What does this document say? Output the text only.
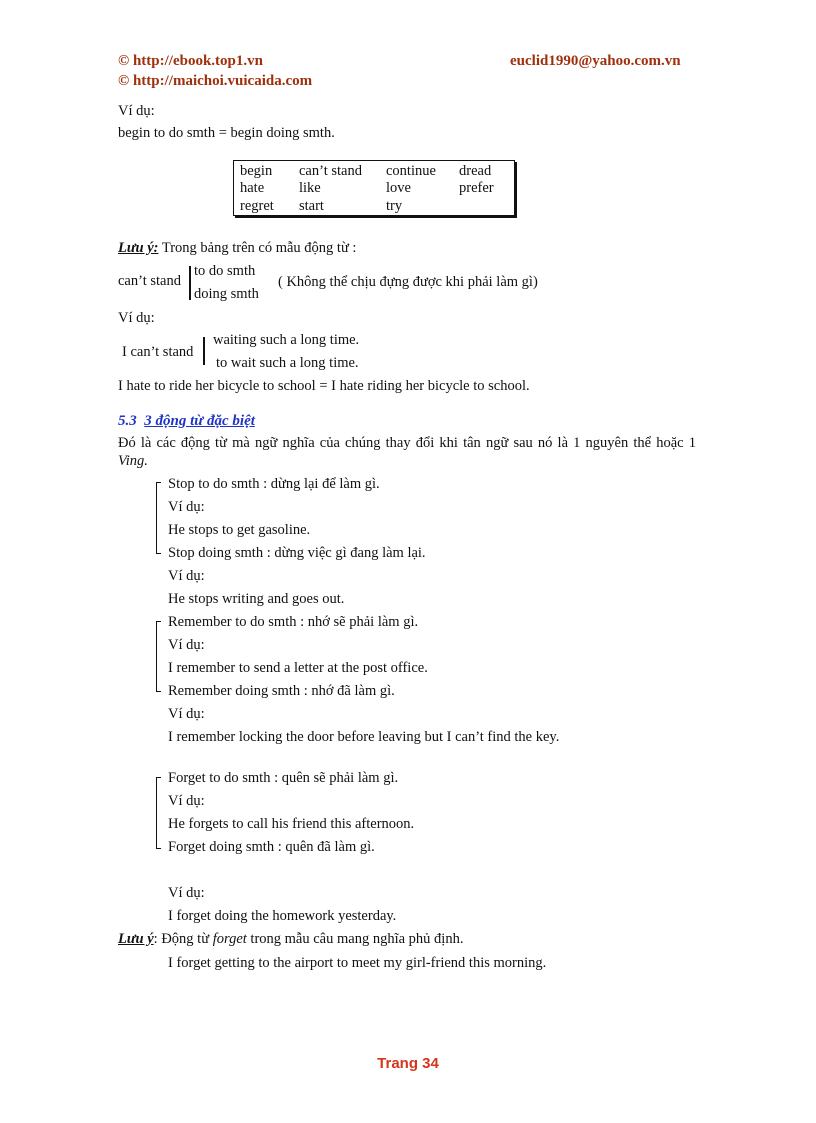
© http://ebook.top1.vn
© http://maichoi.vuicaida.com
euclid1990@yahoo.com.vn
Ví dụ:
begin to do smth = begin doing smth.
begin	can’t stand	continue	dread
hate	like	love	prefer
regret	start	try	
Lưu ý: Trong bảng trên có mẫu động từ :
can’t stand
to do smth
doing smth
( Không thể chịu đựng được khi phải làm gì)
Ví dụ:
I can’t stand
waiting such a long time.
to wait such a long time.
I hate to ride her bicycle to school = I hate riding her bicycle to school.
5.3 3 động từ đặc biệt
Đó là các động từ mà ngữ nghĩa của chúng thay đổi khi tân ngữ sau nó là 1 nguyên thể hoặc 1
Ving.
Stop to do smth : dừng lại để làm gì.
Ví dụ:
He stops to get gasoline.
Stop doing smth : dừng việc gì đang làm lại.
Ví dụ:
He stops writing and goes out.
Remember to do smth : nhớ sẽ phải làm gì.
Ví dụ:
I remember to send a letter at the post office.
Remember doing smth : nhớ đã làm gì.
Ví dụ:
I remember locking the door before leaving but I can’t find the key.
Forget to do smth : quên sẽ phải làm gì.
Ví dụ:
He forgets to call his friend this afternoon.
Forget doing smth : quên đã làm gì.
Ví dụ:
I forget doing the homework yesterday.
Lưu ý: Động từ forget trong mẫu câu mang nghĩa phủ định.
I forget getting to the airport to meet my girl-friend this morning.
Trang 34
